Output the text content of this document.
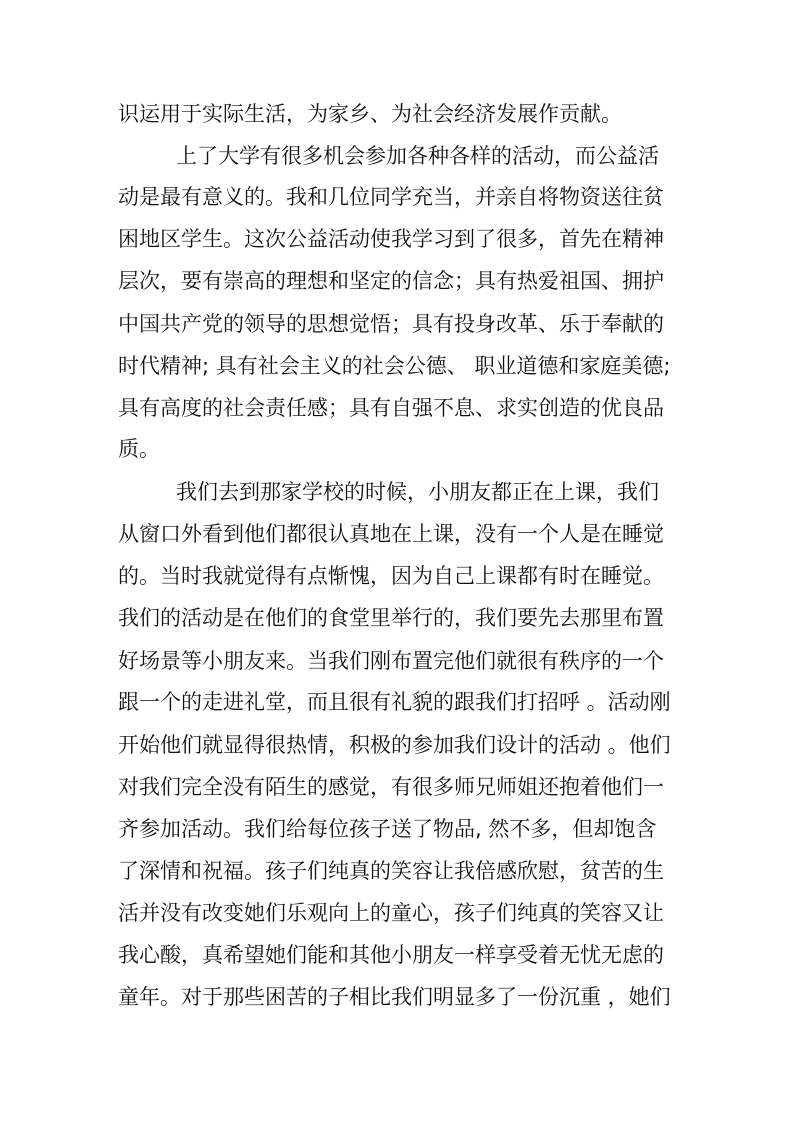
识运用于实际生活，为家乡、为社会经济发展作贡献。

上了大学有很多机会参加各种各样的活动，而公益活

动是最有意义的。我和几位同学充当，并亲自将物资送往贫

困地区学生。这次公益活动使我学习到了很多，首先在精神

层次，要有崇高的理想和坚定的信念；具有热爱祖国、拥护

中国共产党的领导的思想觉悟；具有投身改革、乐于奉献的

时代精神; 具有社会主义的社会公德、 职业道德和家庭美德;

具有高度的社会责任感；具有自强不息、求实创造的优良品

质。

我们去到那家学校的时候，小朋友都正在上课，我们

从窗口外看到他们都很认真地在上课，没有一个人是在睡觉

的。当时我就觉得有点惭愧，因为自己上课都有时在睡觉。

我们的活动是在他们的食堂里举行的，我们要先去那里布置

好场景等小朋友来。当我们刚布置完他们就很有秩序的一个

跟一个的走进礼堂，而且很有礼貌的跟我们打招呼 。活动刚

开始他们就显得很热情，积极的参加我们设计的活动 。他们

对我们完全没有陌生的感觉，有很多师兄师姐还抱着他们一

齐参加活动。我们给每位孩子送了物品, 然不多，但却饱含

了深情和祝福。孩子们纯真的笑容让我倍感欣慰，贫苦的生

活并没有改变她们乐观向上的童心，孩子们纯真的笑容又让

我心酸，真希望她们能和其他小朋友一样享受着无忧无虑的

童年。对于那些困苦的子相比我们明显多了一份沉重 ，她们
